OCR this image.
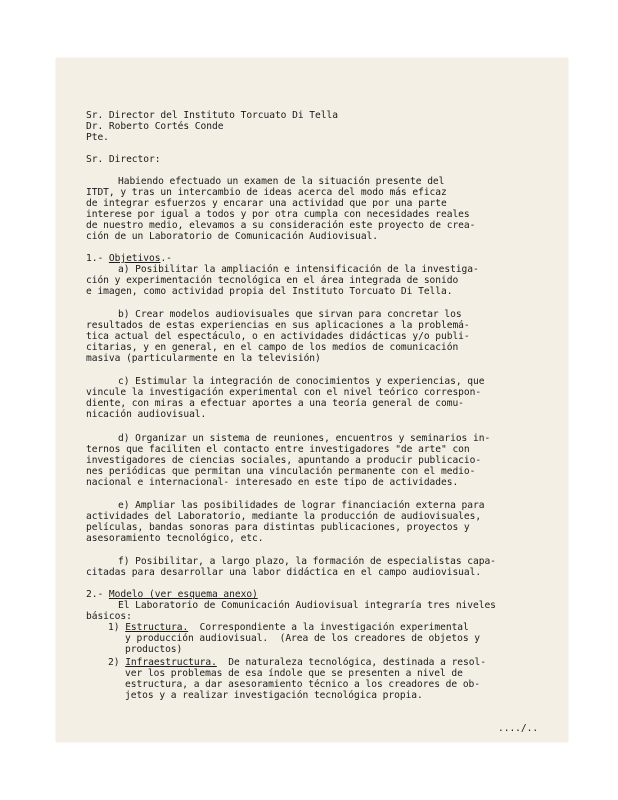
Sr. Director del Instituto Torcuato Di Tella
Dr. Roberto Cortés Conde
Pte.
Sr. Director:
Habiendo efectuado un examen de la situación presente del
ITDT, y tras un intercambio de ideas acerca del modo más eficaz
de integrar esfuerzos y encarar una actividad que por una parte
interese por igual a todos y por otra cumpla con necesidades reales
de nuestro medio, elevamos a su consideración este proyecto de crea-
ción de un Laboratorio de Comunicación Audiovisual.
1.- Objetivos.-
a) Posibilitar la ampliación e intensificación de la investiga-
ción y experimentación tecnológica en el área integrada de sonido
e imagen, como actividad propia del Instituto Torcuato Di Tella.
b) Crear modelos audiovisuales que sirvan para concretar los
resultados de estas experiencias en sus aplicaciones a la problemá-
tica actual del espectáculo, o en actividades didácticas y/o publi-
citarias, y en general, en el campo de los medios de comunicación
masiva (particularmente en la televisión)
c) Estimular la integración de conocimientos y experiencias, que
vincule la investigación experimental con el nivel teórico correspon-
diente, con miras a efectuar aportes a una teoría general de comu-
nicación audiovisual.
d) Organizar un sistema de reuniones, encuentros y seminarios in-
ternos que faciliten el contacto entre investigadores "de arte" con
investigadores de ciencias sociales, apuntando a producir publicacio-
nes periódicas que permitan una vinculación permanente con el medio-
nacional e internacional- interesado en este tipo de actividades.
e) Ampliar las posibilidades de lograr financiación externa para
actividades del Laboratorio, mediante la producción de audiovisuales,
películas, bandas sonoras para distintas publicaciones, proyectos y
asesoramiento tecnológico, etc.
f) Posibilitar, a largo plazo, la formación de especialistas capa-
citadas para desarrollar una labor didáctica en el campo audiovisual.
2.- Modelo (ver esquema anexo)
El Laboratorio de Comunicación Audiovisual integraría tres niveles
básicos:
1) Estructura.  Correspondiente a la investigación experimental
y producción audiovisual.  (Area de los creadores de objetos y
productos)
2) Infraestructura.  De naturaleza tecnológica, destinada a resol-
ver los problemas de esa índole que se presenten a nivel de
estructura, a dar asesoramiento técnico a los creadores de ob-
jetos y a realizar investigación tecnológica propia.
..../..
